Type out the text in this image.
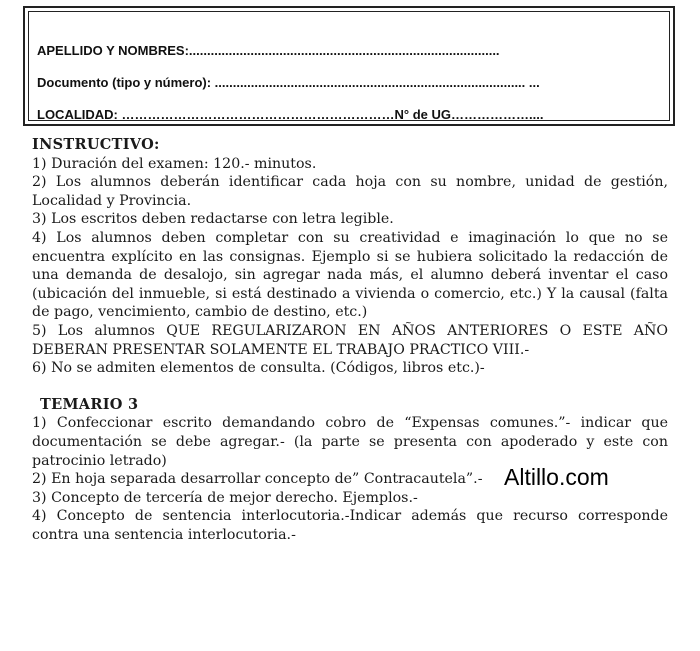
APELLIDO Y NOMBRES:......................................................................................
Documento (tipo y número): ...................................................................................... ...
LOCALIDAD: ………………………………………………………N° de UG………………....
INSTRUCTIVO:

1) Duración del examen: 120.- minutos.

2) Los alumnos deberán identificar cada hoja con su nombre, unidad de gestión, Localidad y Provincia.

3) Los escritos deben redactarse con letra legible.

4) Los alumnos deben completar con su creatividad e imaginación lo que no se encuentra explícito en las consignas. Ejemplo si se hubiera solicitado la redacción de una demanda de desalojo, sin agregar nada más, el alumno deberá inventar el caso (ubicación del inmueble, si está destinado a vivienda o comercio, etc.) Y la causal (falta de pago, vencimiento, cambio de destino, etc.)

5) Los alumnos QUE REGULARIZARON EN AÑOS ANTERIORES O ESTE AÑO DEBERAN PRESENTAR SOLAMENTE EL TRABAJO PRACTICO VIII.-

6) No se admiten elementos de consulta. (Códigos, libros etc.)-

TEMARIO 3

1) Confeccionar escrito demandando cobro de “Expensas comunes.”- indicar que documentación se debe agregar.- (la parte se presenta con apoderado y este con patrocinio letrado)

2) En hoja separada desarrollar concepto de” Contracautela”.-

3) Concepto de tercería de mejor derecho. Ejemplos.-

4) Concepto de sentencia interlocutoria.-Indicar además que recurso corresponde contra una sentencia interlocutoria.-

Altillo.com
